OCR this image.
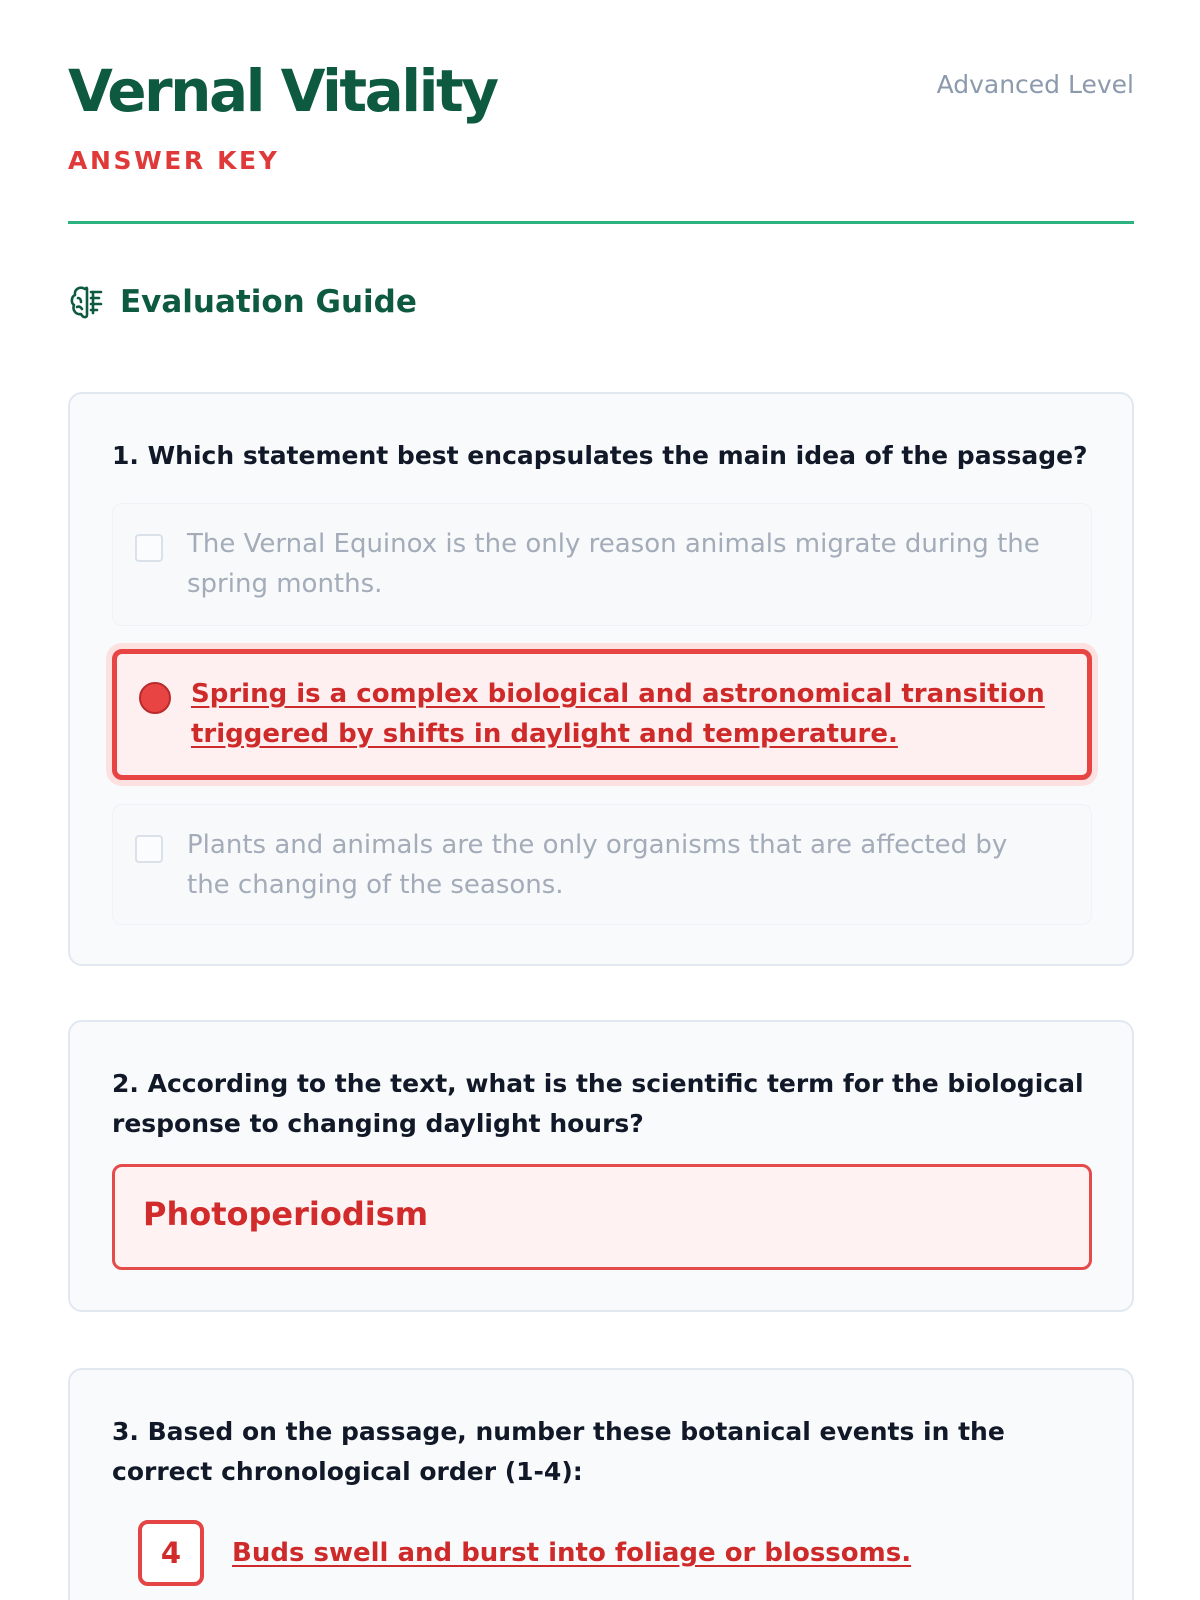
Vernal Vitality
ANSWER KEY
Advanced Level
Evaluation Guide
1. Which statement best encapsulates the main idea of the passage?
The Vernal Equinox is the only reason animals migrate during the spring months.
Spring is a complex biological and astronomical transition triggered by shifts in daylight and temperature.
Plants and animals are the only organisms that are affected by the changing of the seasons.
2. According to the text, what is the scientific term for the biological response to changing daylight hours?
Photoperiodism
3. Based on the passage, number these botanical events in the correct chronological order (1-4):
4	Buds swell and burst into foliage or blossoms.
